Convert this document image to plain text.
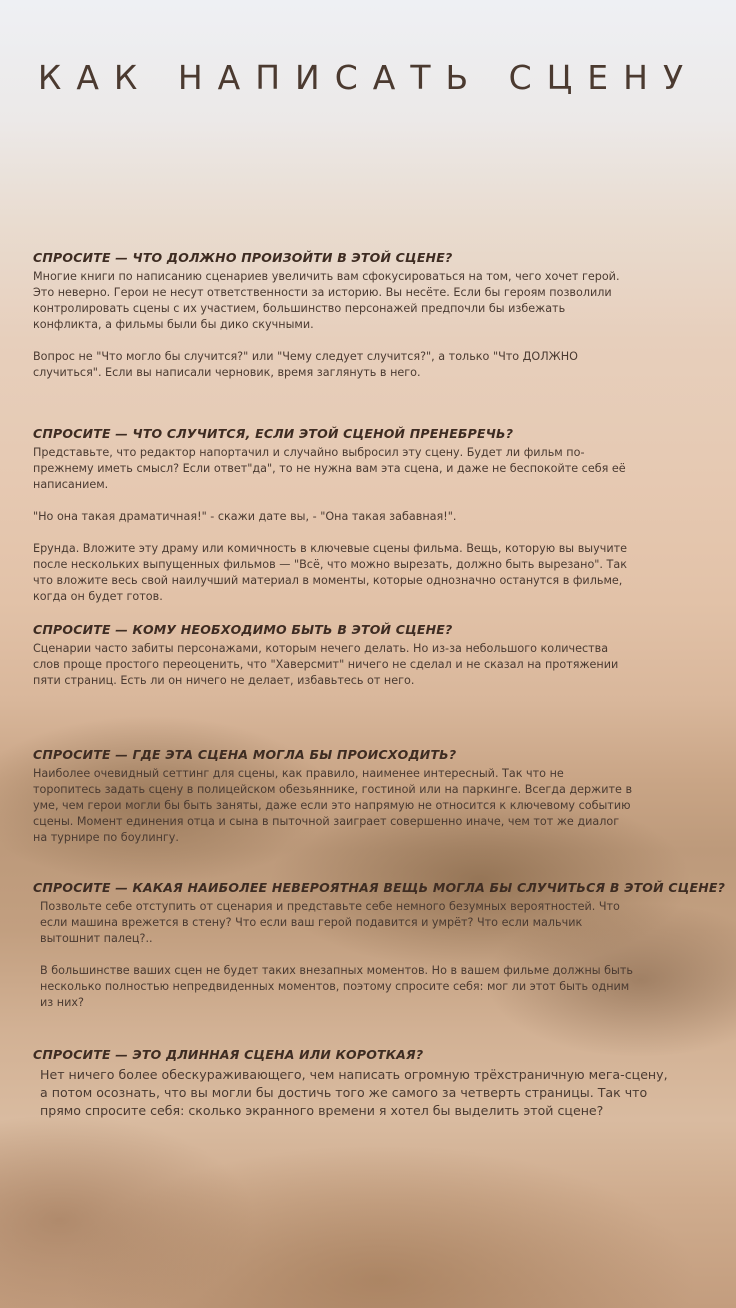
КАК НАПИСАТЬ СЦЕНУ
СПРОСИТЕ — ЧТО ДОЛЖНО ПРОИЗОЙТИ В ЭТОЙ СЦЕНЕ?

Многие книги по написанию сценариев увеличить вам сфокусироваться на том, чего хочет герой. Это неверно. Герои не несут ответственности за историю. Вы несёте. Если бы героям позволили контролировать сцены с их участием, большинство персонажей предпочли бы избежать конфликта, а фильмы были бы дико скучными.

Вопрос не "Что могло бы случится?" или "Чему следует случится?", а только "Что ДОЛЖНО случиться". Если вы написали черновик, время заглянуть в него.

СПРОСИТЕ — ЧТО СЛУЧИТСЯ, ЕСЛИ ЭТОЙ СЦЕНОЙ ПРЕНЕБРЕЧЬ?

Представьте, что редактор напортачил и случайно выбросил эту сцену. Будет ли фильм по-прежнему иметь смысл? Если ответ"да", то не нужна вам эта сцена, и даже не беспокойте себя её написанием.

"Но она такая драматичная!" - скажи дате вы, - "Она такая забавная!".

Ерунда. Вложите эту драму или комичность в ключевые сцены фильма. Вещь, которую вы выучите после нескольких выпущенных фильмов — "Всё, что можно вырезать, должно быть вырезано". Так что вложите весь свой наилучший материал в моменты, которые однозначно останутся в фильме, когда он будет готов.

СПРОСИТЕ — КОМУ НЕОБХОДИМО БЫТЬ В ЭТОЙ СЦЕНЕ?

Сценарии часто забиты персонажами, которым нечего делать. Но из-за небольшого количества слов проще простого переоценить, что "Хаверсмит" ничего не сделал и не сказал на протяжении пяти страниц. Есть ли он ничего не делает, избавьтесь от него.

СПРОСИТЕ — ГДЕ ЭТА СЦЕНА МОГЛА БЫ ПРОИСХОДИТЬ?

Наиболее очевидный сеттинг для сцены, как правило, наименее интересный. Так что не торопитесь задать сцену в полицейском обезьяннике, гостиной или на паркинге. Всегда держите в уме, чем герои могли бы быть заняты, даже если это напрямую не относится к ключевому событию сцены. Момент единения отца и сына в пыточной заиграет совершенно иначе, чем тот же диалог на турнире по боулингу.

СПРОСИТЕ — КАКАЯ НАИБОЛЕЕ НЕВЕРОЯТНАЯ ВЕЩЬ МОГЛА БЫ СЛУЧИТЬСЯ В ЭТОЙ СЦЕНЕ?

Позвольте себе отступить от сценария и представьте себе немного безумных вероятностей. Что если машина врежется в стену? Что если ваш герой подавится и умрёт? Что если мальчик вытошнит палец?..

В большинстве ваших сцен не будет таких внезапных моментов. Но в вашем фильме должны быть несколько полностью непредвиденных моментов, поэтому спросите себя: мог ли этот быть одним из них?

СПРОСИТЕ — ЭТО ДЛИННАЯ СЦЕНА ИЛИ КОРОТКАЯ?

Нет ничего более обескураживающего, чем написать огромную трёхстраничную мега-сцену, а потом осознать, что вы могли бы достичь того же самого за четверть страницы. Так что прямо спросите себя: сколько экранного времени я хотел бы выделить этой сцене?
